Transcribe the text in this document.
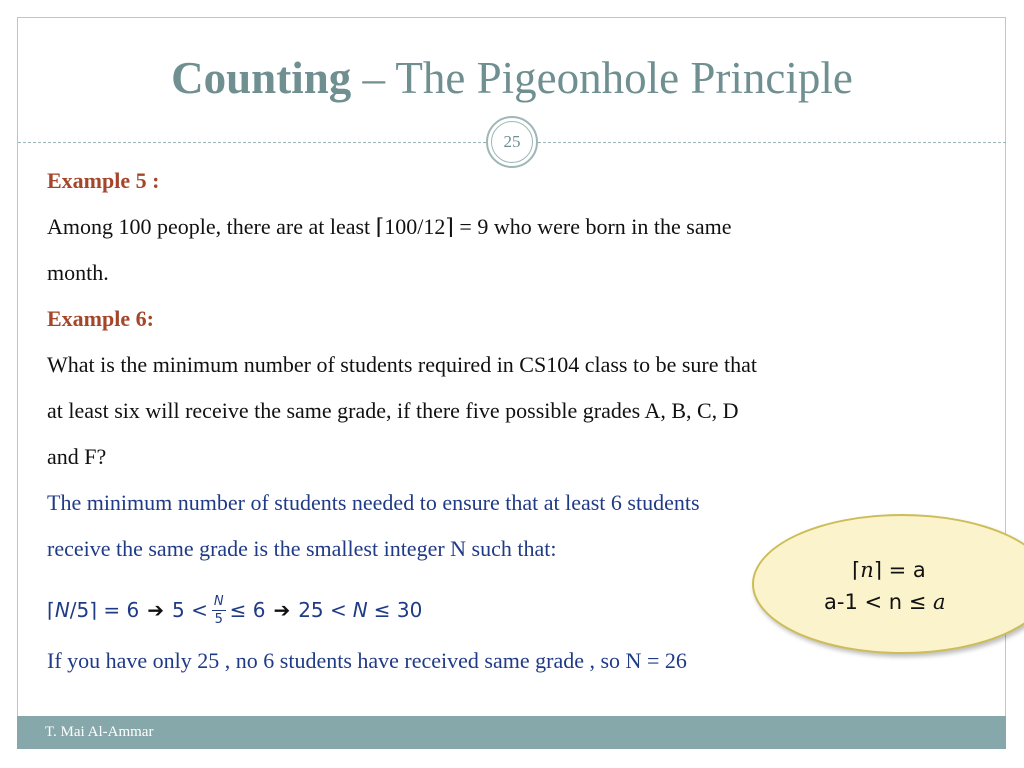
Counting – The Pigeonhole Principle
25
Example 5 :
Among 100 people, there are at least ⌈100/12⌉ = 9 who were born in the same
month.
Example 6:
What is the minimum number of students required in CS104 class to be sure that
at least six will receive the same grade, if there five possible grades A, B, C, D
and F?
The minimum number of students needed to ensure that at least 6 students
receive the same grade is the smallest integer N such that:
⌈ N /5 ⌉ = 6 ➔ $5 < \frac{N}{5} \le 6$ ➔ 25 < N ≤ 30
If you have only 25 , no 6 students have received same grade , so N = 26
⌈n⌉ = a
a-1 < n ≤ a
T. Mai Al-Ammar
